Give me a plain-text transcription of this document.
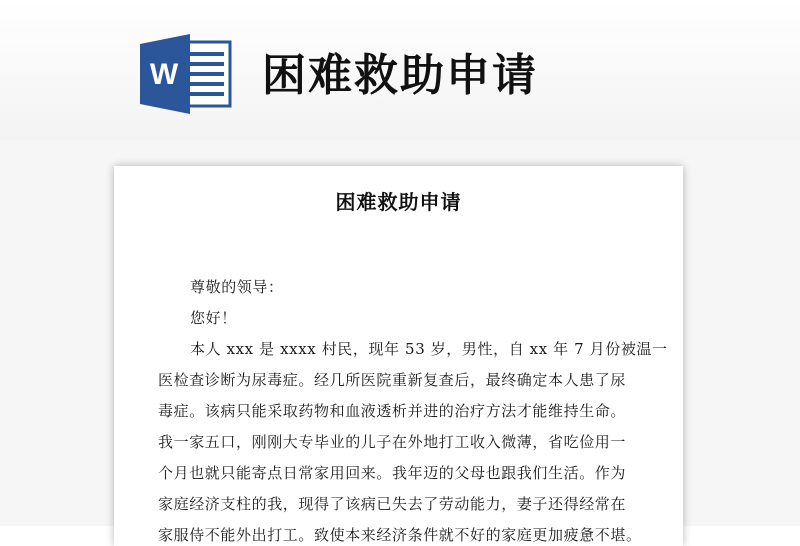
W 困难救助申请
困难救助申请
尊敬的领导：
您好！
本人 xxx 是 xxxx 村民，现年 53 岁，男性，自 xx 年 7 月份被温一
医检查诊断为尿毒症。经几所医院重新复查后，最终确定本人患了尿
毒症。该病只能采取药物和血液透析并进的治疗方法才能维持生命。
我一家五口，刚刚大专毕业的儿子在外地打工收入微薄，省吃俭用一
个月也就只能寄点日常家用回来。我年迈的父母也跟我们生活。作为
家庭经济支柱的我，现得了该病已失去了劳动能力，妻子还得经常在
家服侍不能外出打工。致使本来经济条件就不好的家庭更加疲惫不堪。
